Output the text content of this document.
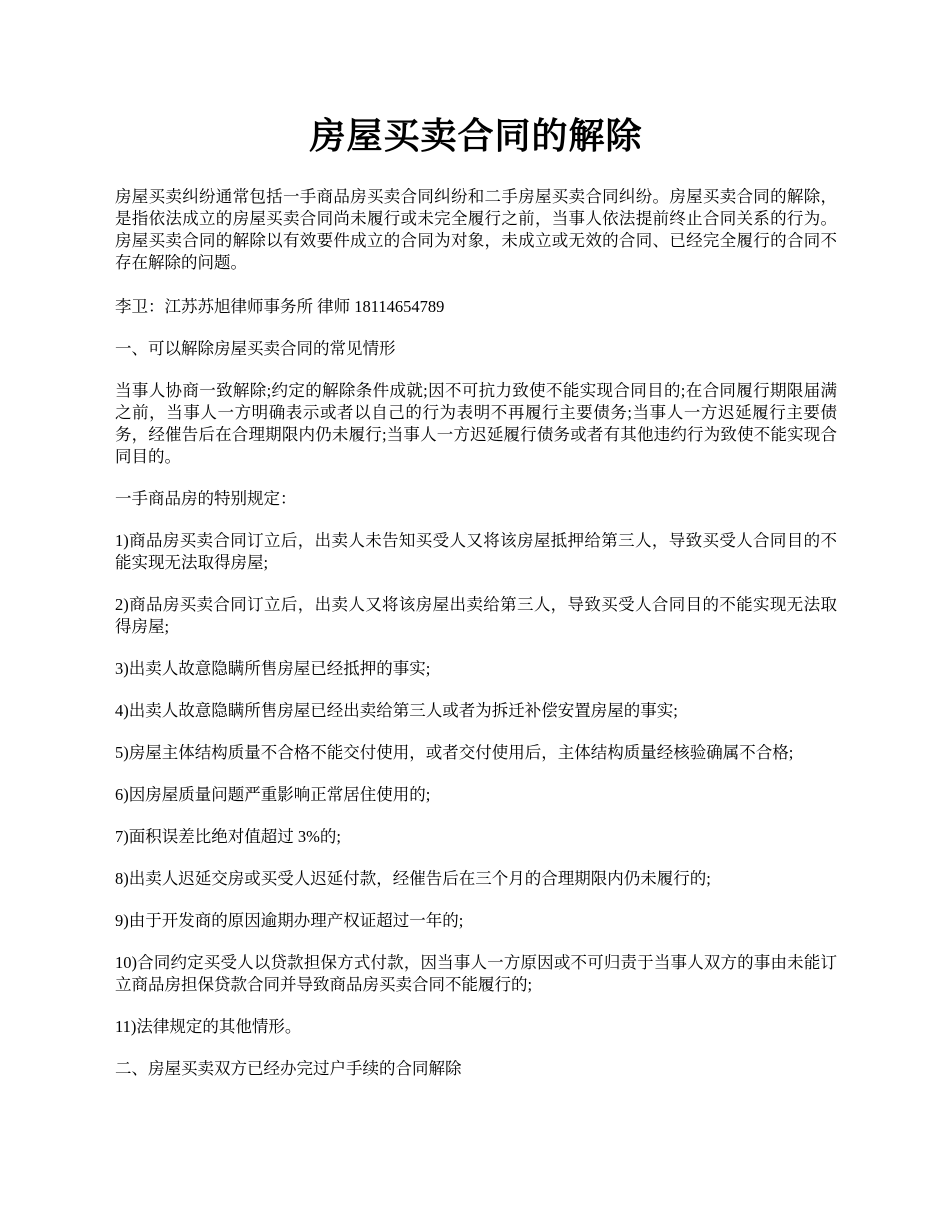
房屋买卖合同的解除

房屋买卖纠纷通常包括一手商品房买卖合同纠纷和二手房屋买卖合同纠纷。房屋买卖合同的解除，是指依法成立的房屋买卖合同尚未履行或未完全履行之前，当事人依法提前终止合同关系的行为。房屋买卖合同的解除以有效要件成立的合同为对象，未成立或无效的合同、已经完全履行的合同不存在解除的问题。

李卫：江苏苏旭律师事务所 律师 18114654789

一、可以解除房屋买卖合同的常见情形

当事人协商一致解除;约定的解除条件成就;因不可抗力致使不能实现合同目的;在合同履行期限届满之前，当事人一方明确表示或者以自己的行为表明不再履行主要债务;当事人一方迟延履行主要债务，经催告后在合理期限内仍未履行;当事人一方迟延履行债务或者有其他违约行为致使不能实现合同目的。

一手商品房的特别规定：

1)商品房买卖合同订立后，出卖人未告知买受人又将该房屋抵押给第三人，导致买受人合同目的不能实现无法取得房屋;

2)商品房买卖合同订立后，出卖人又将该房屋出卖给第三人，导致买受人合同目的不能实现无法取得房屋;

3)出卖人故意隐瞒所售房屋已经抵押的事实;

4)出卖人故意隐瞒所售房屋已经出卖给第三人或者为拆迁补偿安置房屋的事实;

5)房屋主体结构质量不合格不能交付使用，或者交付使用后，主体结构质量经核验确属不合格;

6)因房屋质量问题严重影响正常居住使用的;

7)面积误差比绝对值超过 3%的;

8)出卖人迟延交房或买受人迟延付款，经催告后在三个月的合理期限内仍未履行的;

9)由于开发商的原因逾期办理产权证超过一年的;

10)合同约定买受人以贷款担保方式付款，因当事人一方原因或不可归责于当事人双方的事由未能订立商品房担保贷款合同并导致商品房买卖合同不能履行的;

11)法律规定的其他情形。

二、房屋买卖双方已经办完过户手续的合同解除
